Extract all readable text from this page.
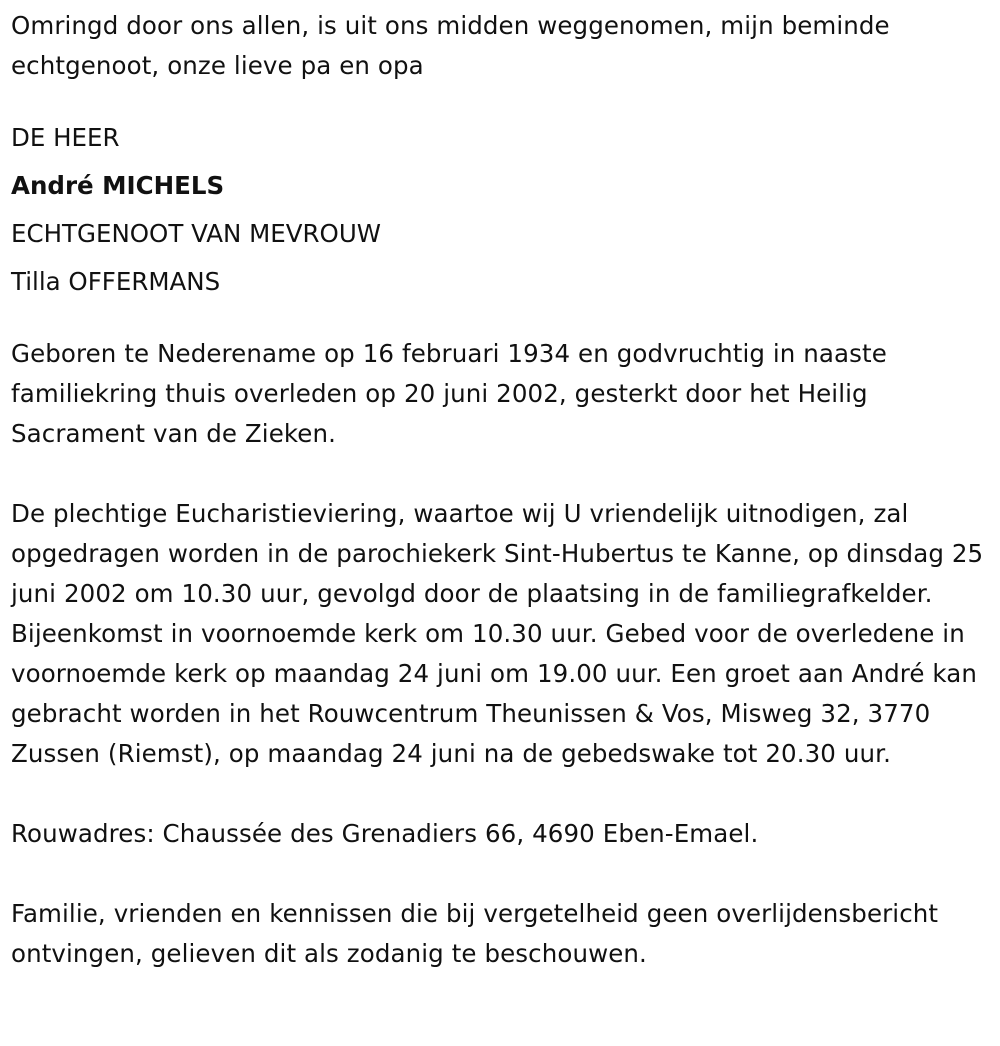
Omringd door ons allen, is uit ons midden weggenomen, mijn beminde echtgenoot, onze lieve pa en opa

DE HEER

André MICHELS

ECHTGENOOT VAN MEVROUW

Tilla OFFERMANS

Geboren te Nederename op 16 februari 1934 en godvruchtig in naaste familiekring thuis overleden op 20 juni 2002, gesterkt door het Heilig Sacrament van de Zieken.

De plechtige Eucharistieviering, waartoe wij U vriendelijk uitnodigen, zal opgedragen worden in de parochiekerk Sint-Hubertus te Kanne, op dinsdag 25 juni 2002 om 10.30 uur, gevolgd door de plaatsing in de familiegrafkelder. Bijeenkomst in voornoemde kerk om 10.30 uur. Gebed voor de overledene in voornoemde kerk op maandag 24 juni om 19.00 uur. Een groet aan André kan gebracht worden in het Rouwcentrum Theunissen & Vos, Misweg 32, 3770 Zussen (Riemst), op maandag 24 juni na de gebedswake tot 20.30 uur.

Rouwadres: Chaussée des Grenadiers 66, 4690 Eben-Emael.

Familie, vrienden en kennissen die bij vergetelheid geen overlijdensbericht ontvingen, gelieven dit als zodanig te beschouwen.
